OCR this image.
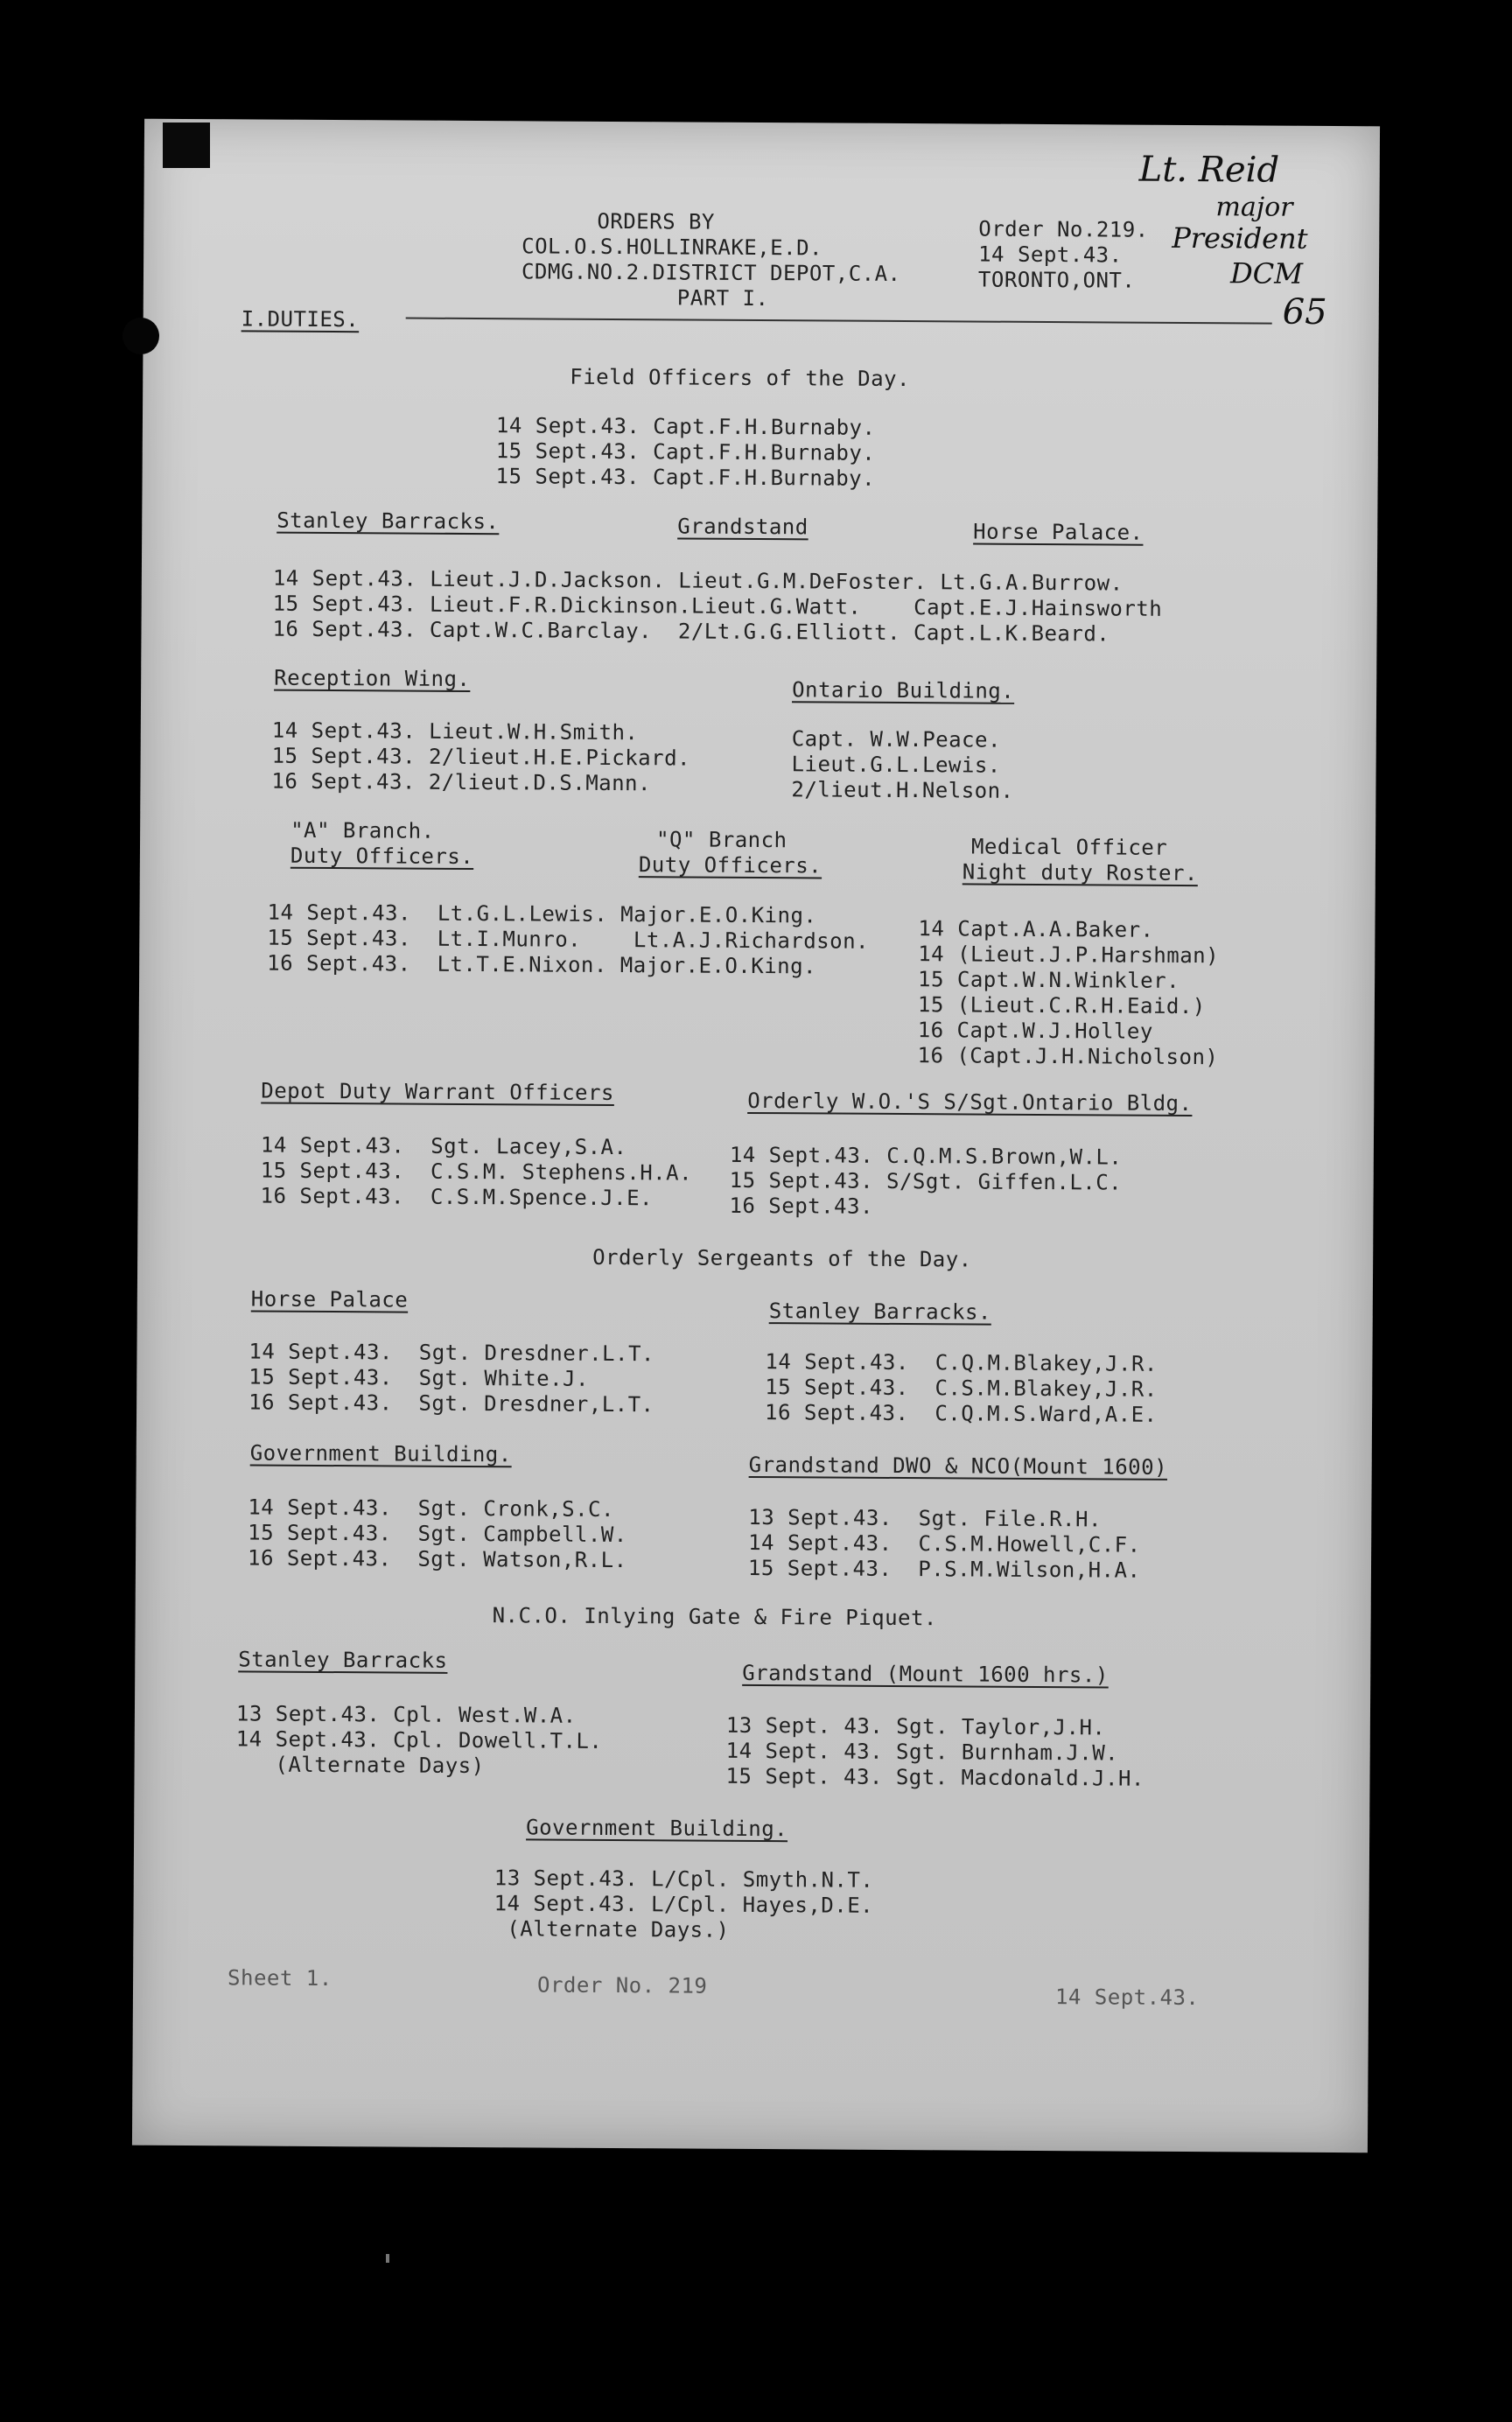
ORDERS BY
COL.O.S.HOLLINRAKE,E.D.
CDMG.NO.2.DISTRICT DEPOT,C.A.
PART I.
Order No.219.
14 Sept.43.
TORONTO,ONT.
Lt. Reid
major
President
DCM
65
I.DUTIES.
Field Officers of the Day.
14 Sept.43. Capt.F.H.Burnaby.
15 Sept.43. Capt.F.H.Burnaby.
15 Sept.43. Capt.F.H.Burnaby.
Stanley Barracks.	Grandstand	Horse Palace.
14 Sept.43. Lieut.J.D.Jackson. Lieut.G.M.DeFoster. Lt.G.A.Burrow.
15 Sept.43. Lieut.F.R.Dickinson.Lieut.G.Watt.    Capt.E.J.Hainsworth
16 Sept.43. Capt.W.C.Barclay.  2/Lt.G.G.Elliott. Capt.L.K.Beard.
Reception Wing.	Ontario Building.
14 Sept.43. Lieut.W.H.Smith.
15 Sept.43. 2/lieut.H.E.Pickard.
16 Sept.43. 2/lieut.D.S.Mann.
Capt. W.W.Peace.
Lieut.G.L.Lewis.
2/lieut.H.Nelson.
"A" Branch.
Duty Officers.
"Q" Branch
Duty Officers.
Medical Officer
Night duty Roster.
14 Sept.43.  Lt.G.L.Lewis. Major.E.O.King.
15 Sept.43.  Lt.I.Munro.    Lt.A.J.Richardson.
16 Sept.43.  Lt.T.E.Nixon. Major.E.O.King.
14 Capt.A.A.Baker.
14 (Lieut.J.P.Harshman)
15 Capt.W.N.Winkler.
15 (Lieut.C.R.H.Eaid.)
16 Capt.W.J.Holley
16 (Capt.J.H.Nicholson)
Depot Duty Warrant Officers	Orderly W.O.'S S/Sgt.Ontario Bldg.
14 Sept.43.  Sgt. Lacey,S.A.
15 Sept.43.  C.S.M. Stephens.H.A.
16 Sept.43.  C.S.M.Spence.J.E.
14 Sept.43. C.Q.M.S.Brown,W.L.
15 Sept.43. S/Sgt. Giffen.L.C.
16 Sept.43.
Orderly Sergeants of the Day.
Horse Palace	Stanley Barracks.
14 Sept.43.  Sgt. Dresdner.L.T.
15 Sept.43.  Sgt. White.J.
16 Sept.43.  Sgt. Dresdner,L.T.
14 Sept.43.  C.Q.M.Blakey,J.R.
15 Sept.43.  C.S.M.Blakey,J.R.
16 Sept.43.  C.Q.M.S.Ward,A.E.
Government Building.	Grandstand DWO & NCO(Mount 1600)
14 Sept.43.  Sgt. Cronk,S.C.
15 Sept.43.  Sgt. Campbell.W.
16 Sept.43.  Sgt. Watson,R.L.
13 Sept.43.  Sgt. File.R.H.
14 Sept.43.  C.S.M.Howell,C.F.
15 Sept.43.  P.S.M.Wilson,H.A.
N.C.O. Inlying Gate & Fire Piquet.
Stanley Barracks
Grandstand (Mount 1600 hrs.)
13 Sept.43. Cpl. West.W.A.
14 Sept.43. Cpl. Dowell.T.L.
(Alternate Days)
13 Sept. 43. Sgt. Taylor,J.H.
14 Sept. 43. Sgt. Burnham.J.W.
15 Sept. 43. Sgt. Macdonald.J.H.
Government Building.
13 Sept.43. L/Cpl. Smyth.N.T.
14 Sept.43. L/Cpl. Hayes,D.E.
(Alternate Days.)
Sheet 1.	Order No. 219	14 Sept.43.
